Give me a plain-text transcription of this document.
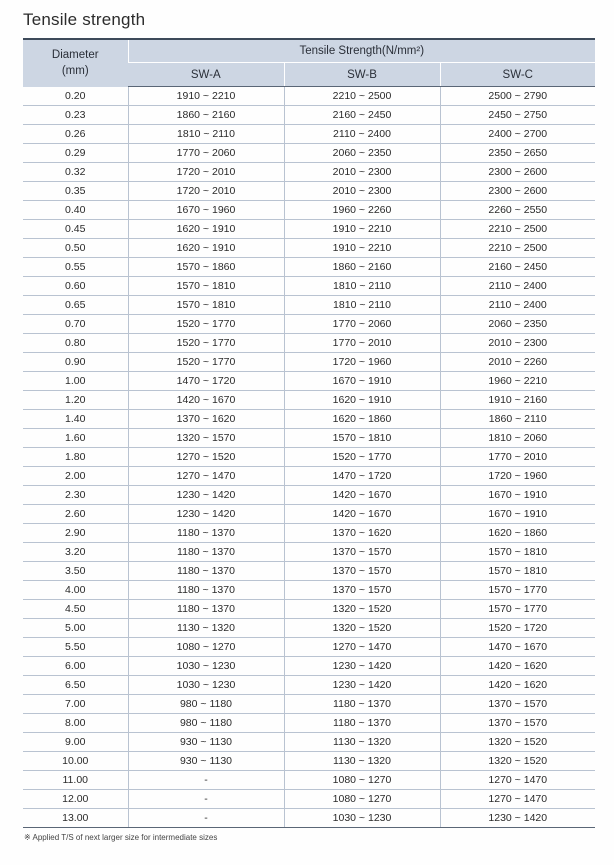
Tensile strength
Diameter
(mm)	Tensile Strength(N/mm²)		
	SW-A	SW-B	SW-C
0.20	1910 ~ 2210	2210 ~ 2500	2500 ~ 2790
0.23	1860 ~ 2160	2160 ~ 2450	2450 ~ 2750
0.26	1810 ~ 2110	2110 ~ 2400	2400 ~ 2700
0.29	1770 ~ 2060	2060 ~ 2350	2350 ~ 2650
0.32	1720 ~ 2010	2010 ~ 2300	2300 ~ 2600
0.35	1720 ~ 2010	2010 ~ 2300	2300 ~ 2600
0.40	1670 ~ 1960	1960 ~ 2260	2260 ~ 2550
0.45	1620 ~ 1910	1910 ~ 2210	2210 ~ 2500
0.50	1620 ~ 1910	1910 ~ 2210	2210 ~ 2500
0.55	1570 ~ 1860	1860 ~ 2160	2160 ~ 2450
0.60	1570 ~ 1810	1810 ~ 2110	2110 ~ 2400
0.65	1570 ~ 1810	1810 ~ 2110	2110 ~ 2400
0.70	1520 ~ 1770	1770 ~ 2060	2060 ~ 2350
0.80	1520 ~ 1770	1770 ~ 2010	2010 ~ 2300
0.90	1520 ~ 1770	1720 ~ 1960	2010 ~ 2260
1.00	1470 ~ 1720	1670 ~ 1910	1960 ~ 2210
1.20	1420 ~ 1670	1620 ~ 1910	1910 ~ 2160
1.40	1370 ~ 1620	1620 ~ 1860	1860 ~ 2110
1.60	1320 ~ 1570	1570 ~ 1810	1810 ~ 2060
1.80	1270 ~ 1520	1520 ~ 1770	1770 ~ 2010
2.00	1270 ~ 1470	1470 ~ 1720	1720 ~ 1960
2.30	1230 ~ 1420	1420 ~ 1670	1670 ~ 1910
2.60	1230 ~ 1420	1420 ~ 1670	1670 ~ 1910
2.90	1180 ~ 1370	1370 ~ 1620	1620 ~ 1860
3.20	1180 ~ 1370	1370 ~ 1570	1570 ~ 1810
3.50	1180 ~ 1370	1370 ~ 1570	1570 ~ 1810
4.00	1180 ~ 1370	1370 ~ 1570	1570 ~ 1770
4.50	1180 ~ 1370	1320 ~ 1520	1570 ~ 1770
5.00	1130 ~ 1320	1320 ~ 1520	1520 ~ 1720
5.50	1080 ~ 1270	1270 ~ 1470	1470 ~ 1670
6.00	1030 ~ 1230	1230 ~ 1420	1420 ~ 1620
6.50	1030 ~ 1230	1230 ~ 1420	1420 ~ 1620
7.00	980 ~ 1180	1180 ~ 1370	1370 ~ 1570
8.00	980 ~ 1180	1180 ~ 1370	1370 ~ 1570
9.00	930 ~ 1130	1130 ~ 1320	1320 ~ 1520
10.00	930 ~ 1130	1130 ~ 1320	1320 ~ 1520
11.00	-	1080 ~ 1270	1270 ~ 1470
12.00	-	1080 ~ 1270	1270 ~ 1470
13.00	-	1030 ~ 1230	1230 ~ 1420
※ Applied T/S of next larger size for intermediate sizes
